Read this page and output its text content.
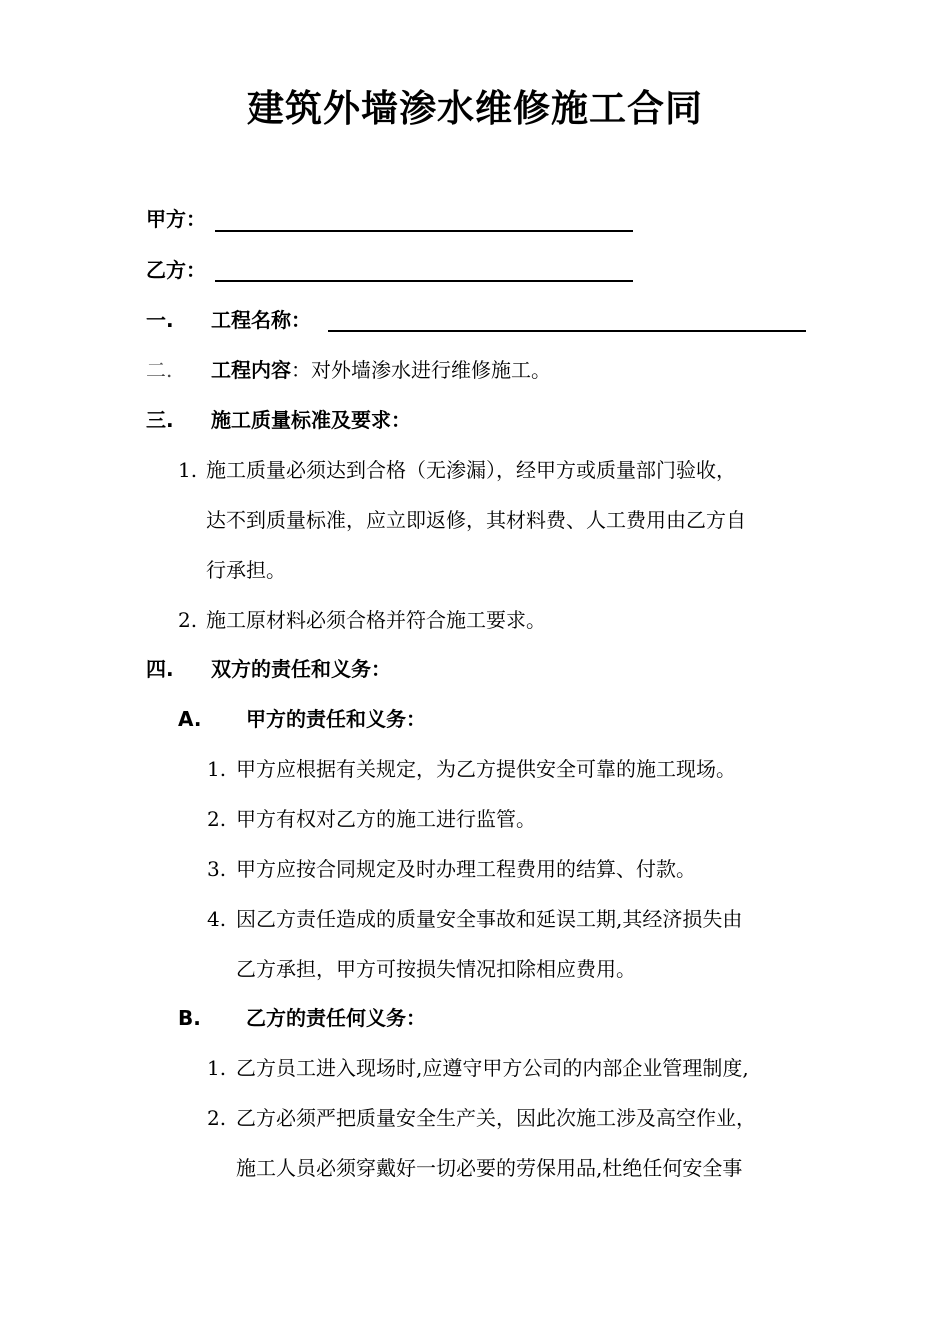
建筑外墙渗水维修施工合同
甲方：
乙方：
一. 工程名称：
二. 工程内容：对外墙渗水进行维修施工。
三. 施工质量标准及要求：
1. 施工质量必须达到合格（无渗漏），经甲方或质量部门验收，
达不到质量标准，应立即返修，其材料费、人工费用由乙方自
行承担。
2. 施工原材料必须合格并符合施工要求。
四. 双方的责任和义务：
A. 甲方的责任和义务：
1. 甲方应根据有关规定，为乙方提供安全可靠的施工现场。
2. 甲方有权对乙方的施工进行监管。
3. 甲方应按合同规定及时办理工程费用的结算、付款。
4. 因乙方责任造成的质量安全事故和延误工期,其经济损失由
乙方承担，甲方可按损失情况扣除相应费用。
B. 乙方的责任何义务：
1. 乙方员工进入现场时,应遵守甲方公司的内部企业管理制度,
2. 乙方必须严把质量安全生产关，因此次施工涉及高空作业，
施工人员必须穿戴好一切必要的劳保用品,杜绝任何安全事
